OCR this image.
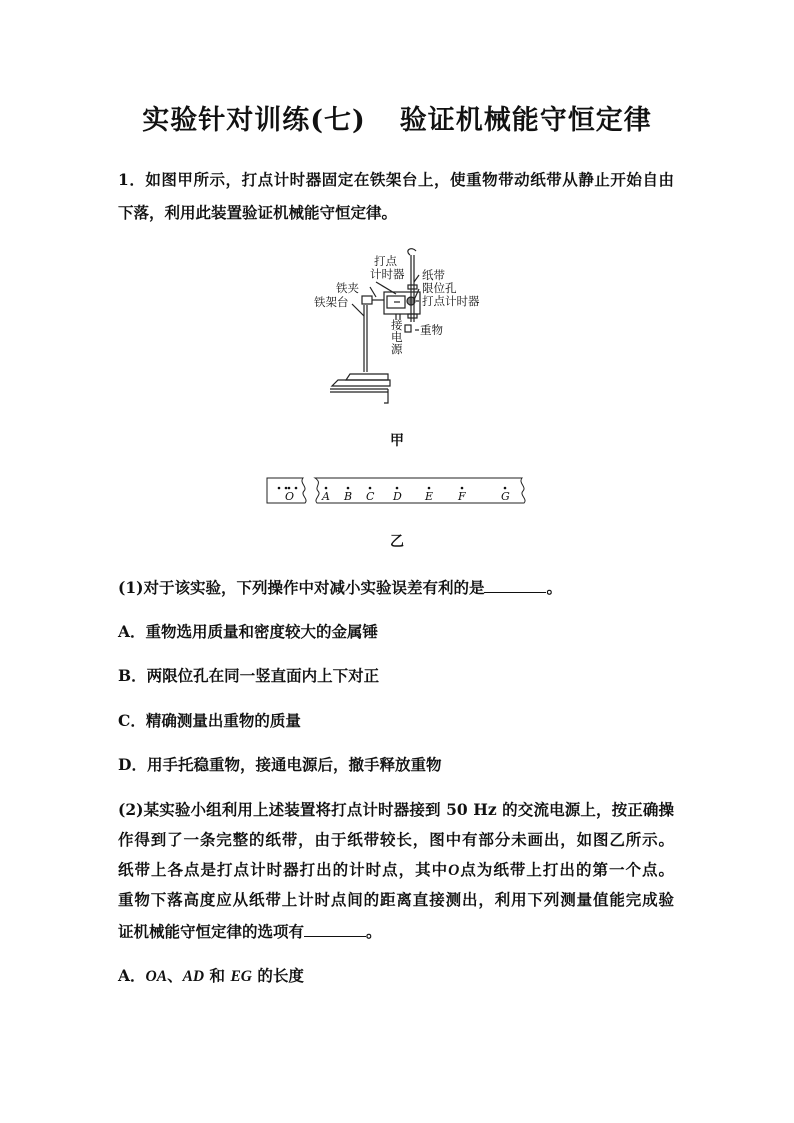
实验针对训练(七) 验证机械能守恒定律
1．如图甲所示，打点计时器固定在铁架台上，使重物带动纸带从静止开始自由
下落，利用此装置验证机械能守恒定律。
打点
计时器 纸带
限位孔
打点计时器
铁夹
铁架台
接
电
源
重物
甲
O	A B C D E F	G
乙
(1)对于该实验，下列操作中对减小实验误差有利的是	。
A．重物选用质量和密度较大的金属锤
B．两限位孔在同一竖直面内上下对正
C．精确测量出重物的质量
D．用手托稳重物，接通电源后，撤手释放重物
(2)某实验小组利用上述装置将打点计时器接到 50 Hz 的交流电源上，按正确操
作得到了一条完整的纸带，由于纸带较长，图中有部分未画出，如图乙所示。
纸带上各点是打点计时器打出的计时点，其中O点为纸带上打出的第一个点。
重物下落高度应从纸带上计时点间的距离直接测出，利用下列测量值能完成验
证机械能守恒定律的选项有	。
A．OA、AD 和 EG 的长度
